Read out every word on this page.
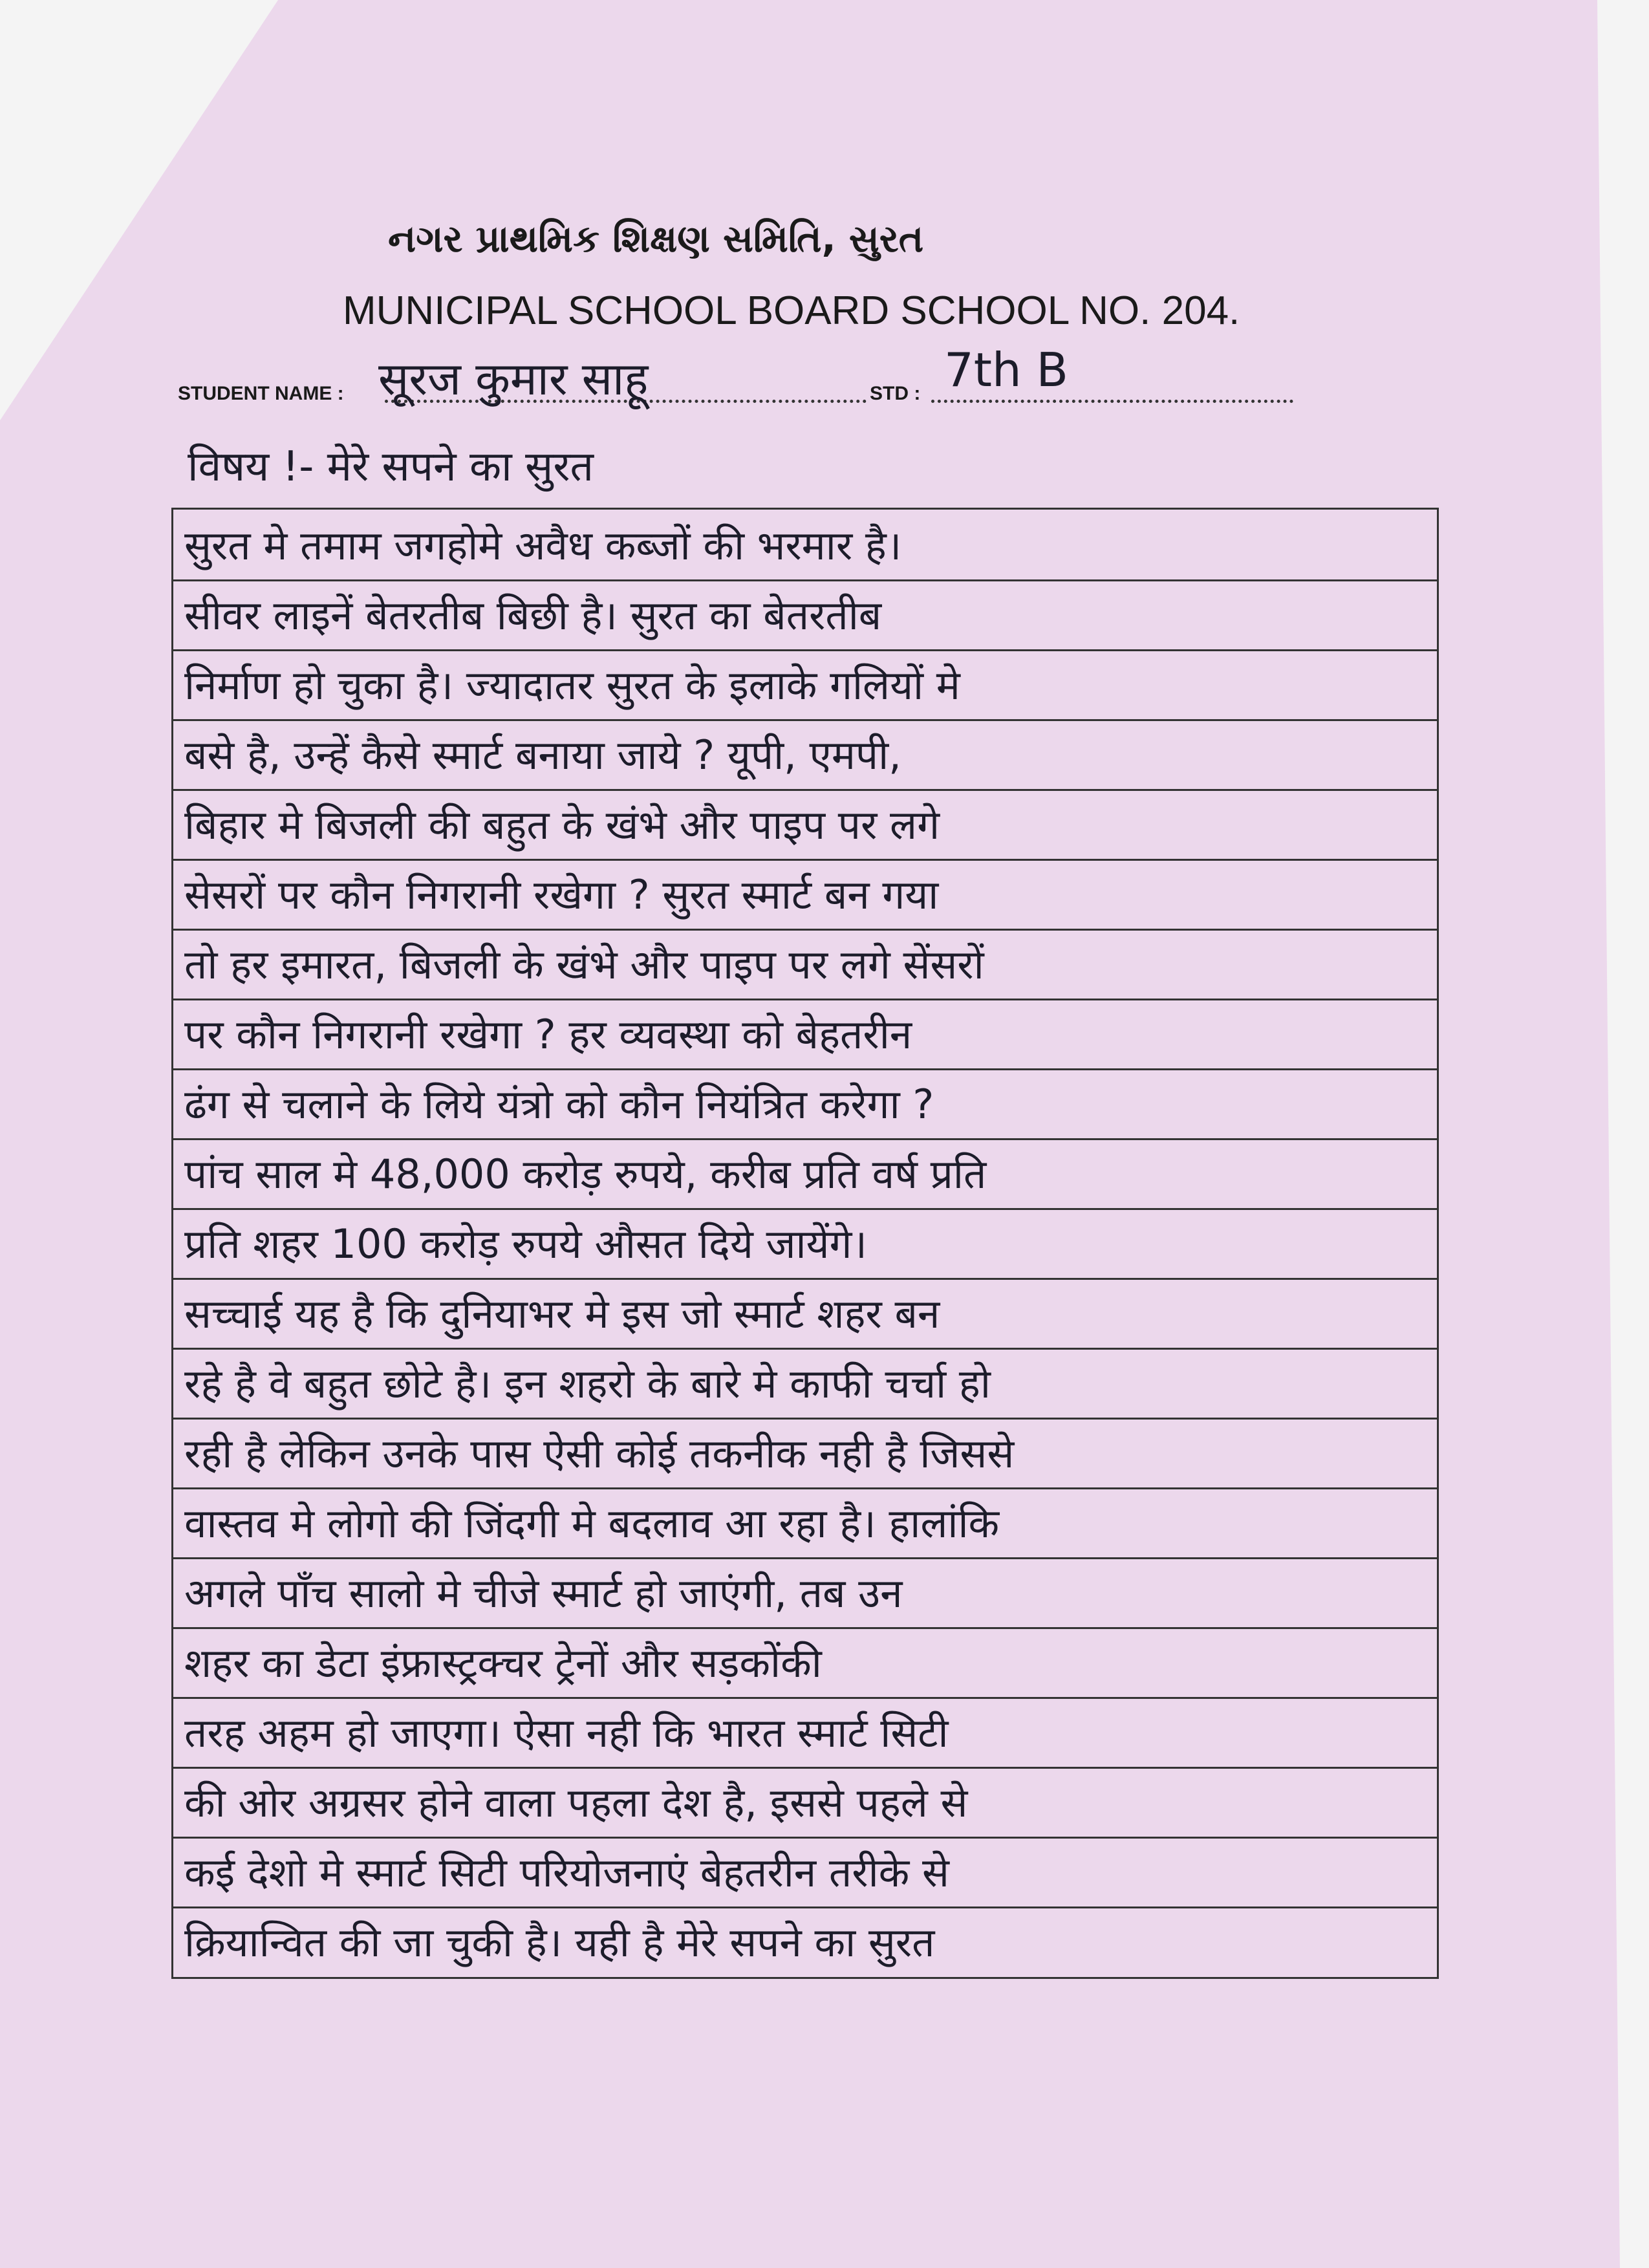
નગર પ્રાથમિક શિક્ષણ સમિતિ, સુરત
MUNICIPAL SCHOOL BOARD SCHOOL NO. 204.
STUDENT NAME : सूरज कुमार साहू	STD : 7th B
विषय !- मेरे सपने का सुरत
सुरत मे तमाम जगहोमे अवैध कब्जों की भरमार है।
सीवर लाइनें बेतरतीब बिछी है। सुरत का बेतरतीब
निर्माण हो चुका है। ज्यादातर सुरत के इलाके गलियों मे
बसे है, उन्हें कैसे स्मार्ट बनाया जाये ? यूपी, एमपी,
बिहार मे बिजली की बहुत के खंभे और पाइप पर लगे
सेसरों पर कौन निगरानी रखेगा ? सुरत स्मार्ट बन गया
तो हर इमारत, बिजली के खंभे और पाइप पर लगे सेंसरों
पर कौन निगरानी रखेगा ? हर व्यवस्था को बेहतरीन
ढंग से चलाने के लिये यंत्रो को कौन नियंत्रित करेगा ?
पांच साल मे 48,000 करोड़ रुपये, करीब प्रति वर्ष प्रति
प्रति शहर 100 करोड़ रुपये औसत दिये जायेंगे।
सच्चाई यह है कि दुनियाभर मे इस जो स्मार्ट शहर बन
रहे है वे बहुत छोटे है। इन शहरो के बारे मे काफी चर्चा हो
रही है लेकिन उनके पास ऐसी कोई तकनीक नही है जिससे
वास्तव मे लोगो की जिंदगी मे बदलाव आ रहा है। हालांकि
अगले पाँच सालो मे चीजे स्मार्ट हो जाएंगी, तब उन
शहर का डेटा इंफ्रास्ट्रक्चर ट्रेनों और सड़कोंकी
तरह अहम हो जाएगा। ऐसा नही कि भारत स्मार्ट सिटी
की ओर अग्रसर होने वाला पहला देश है, इससे पहले से
कई देशो मे स्मार्ट सिटी परियोजनाएं बेहतरीन तरीके से
क्रियान्वित की जा चुकी है। यही है मेरे सपने का सुरत
